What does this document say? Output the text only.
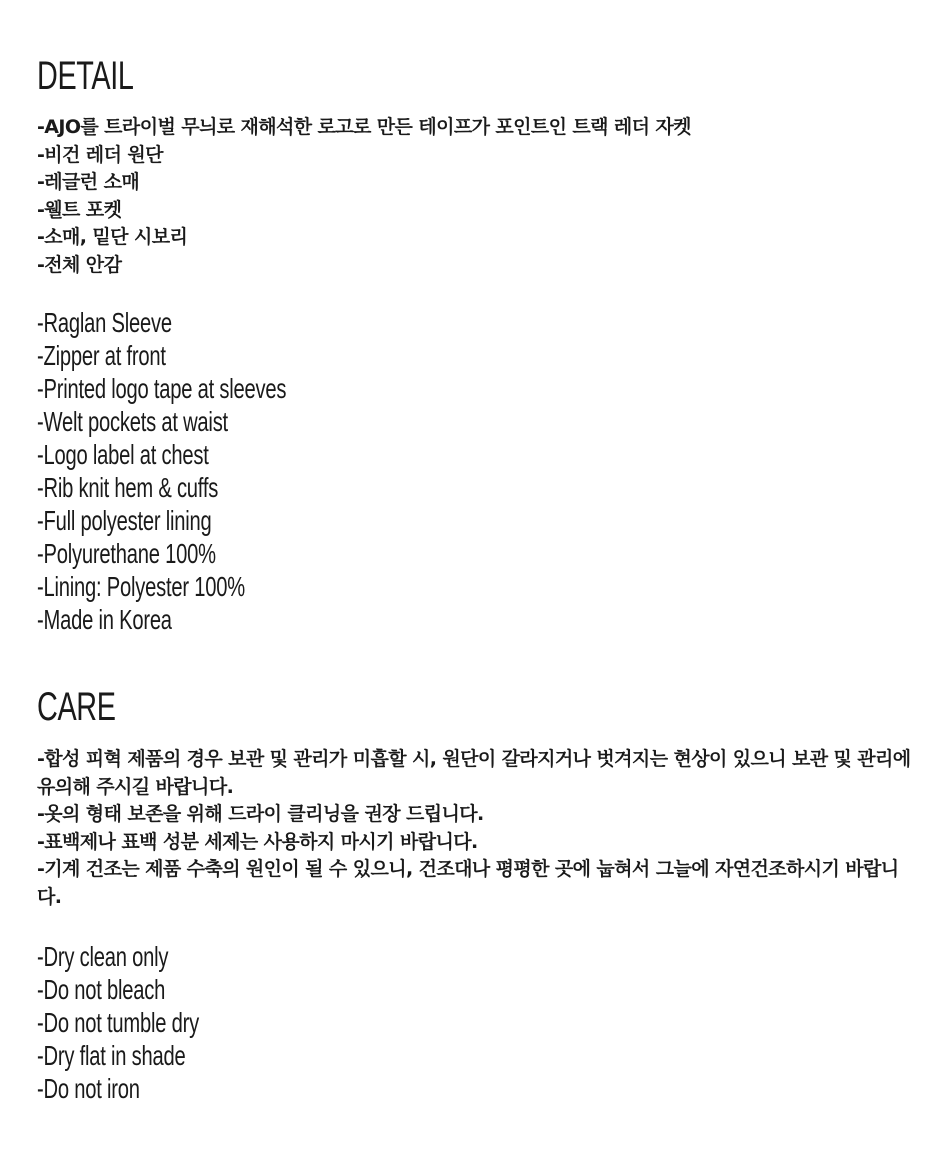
DETAIL
-AJO를 트라이벌 무늬로 재해석한 로고로 만든 테이프가 포인트인 트랙 레더 자켓
-비건 레더 원단
-레글런 소매
-웰트 포켓
-소매, 밑단 시보리
-전체 안감
-Raglan Sleeve
-Zipper at front
-Printed logo tape at sleeves
-Welt pockets at waist
-Logo label at chest
-Rib knit hem & cuffs
-Full polyester lining
-Polyurethane 100%
-Lining: Polyester 100%
-Made in Korea
CARE
-합성 피혁 제품의 경우 보관 및 관리가 미흡할 시, 원단이 갈라지거나 벗겨지는 현상이 있으니 보관 및 관리에 유의해 주시길 바랍니다.
-옷의 형태 보존을 위해 드라이 클리닝을 권장 드립니다.
-표백제나 표백 성분 세제는 사용하지 마시기 바랍니다.
-기계 건조는 제품 수축의 원인이 될 수 있으니, 건조대나 평평한 곳에 눕혀서 그늘에 자연건조하시기 바랍니다.
-Dry clean only
-Do not bleach
-Do not tumble dry
-Dry flat in shade
-Do not iron
